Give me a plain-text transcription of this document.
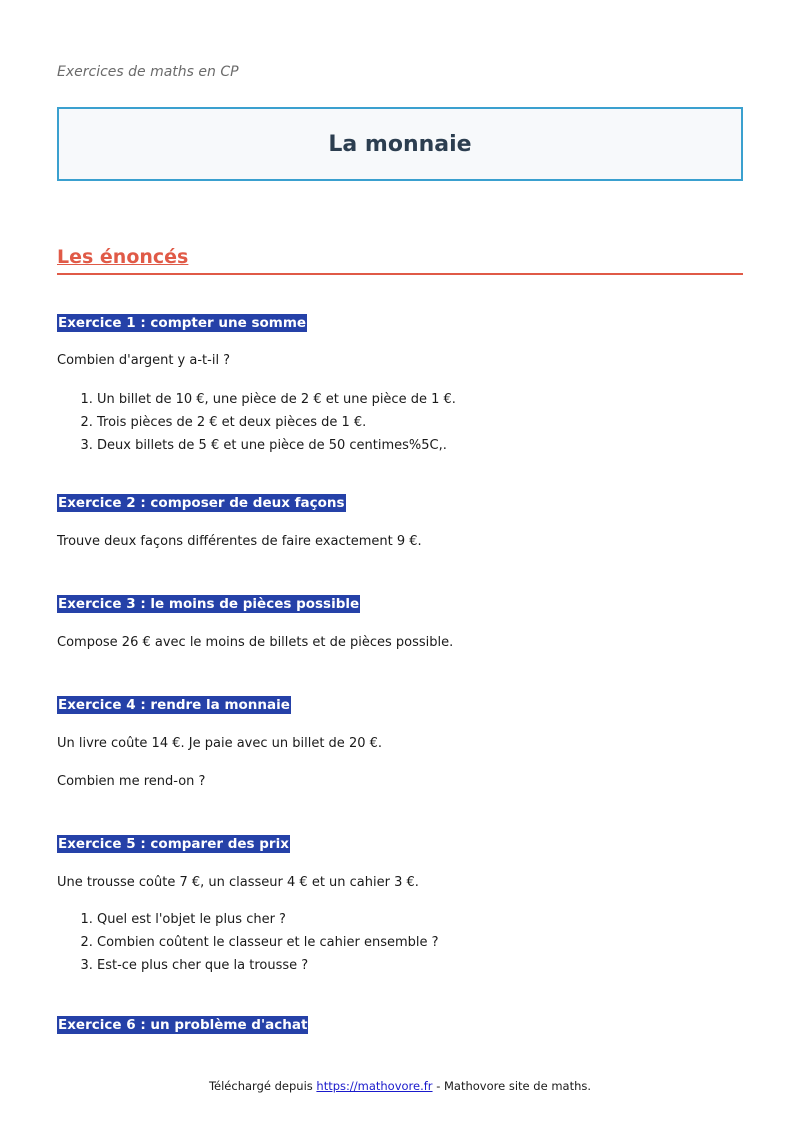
Exercices de maths en CP
La monnaie
Les énoncés
Exercice 1 : compter une somme

Combien d'argent y a-t-il ?

1. Un billet de 10 €, une pièce de 2 € et une pièce de 1 €.
2. Trois pièces de 2 € et deux pièces de 1 €.
3. Deux billets de 5 € et une pièce de 50 centimes%5C,.
Exercice 2 : composer de deux façons

Trouve deux façons différentes de faire exactement 9 €.

Exercice 3 : le moins de pièces possible

Compose 26 € avec le moins de billets et de pièces possible.

Exercice 4 : rendre la monnaie

Un livre coûte 14 €. Je paie avec un billet de 20 €.

Combien me rend-on ?

Exercice 5 : comparer des prix

Une trousse coûte 7 €, un classeur 4 € et un cahier 3 €.

1. Quel est l'objet le plus cher ?
2. Combien coûtent le classeur et le cahier ensemble ?
3. Est-ce plus cher que la trousse ?
Exercice 6 : un problème d'achat
Téléchargé depuis https://mathovore.fr - Mathovore site de maths.
